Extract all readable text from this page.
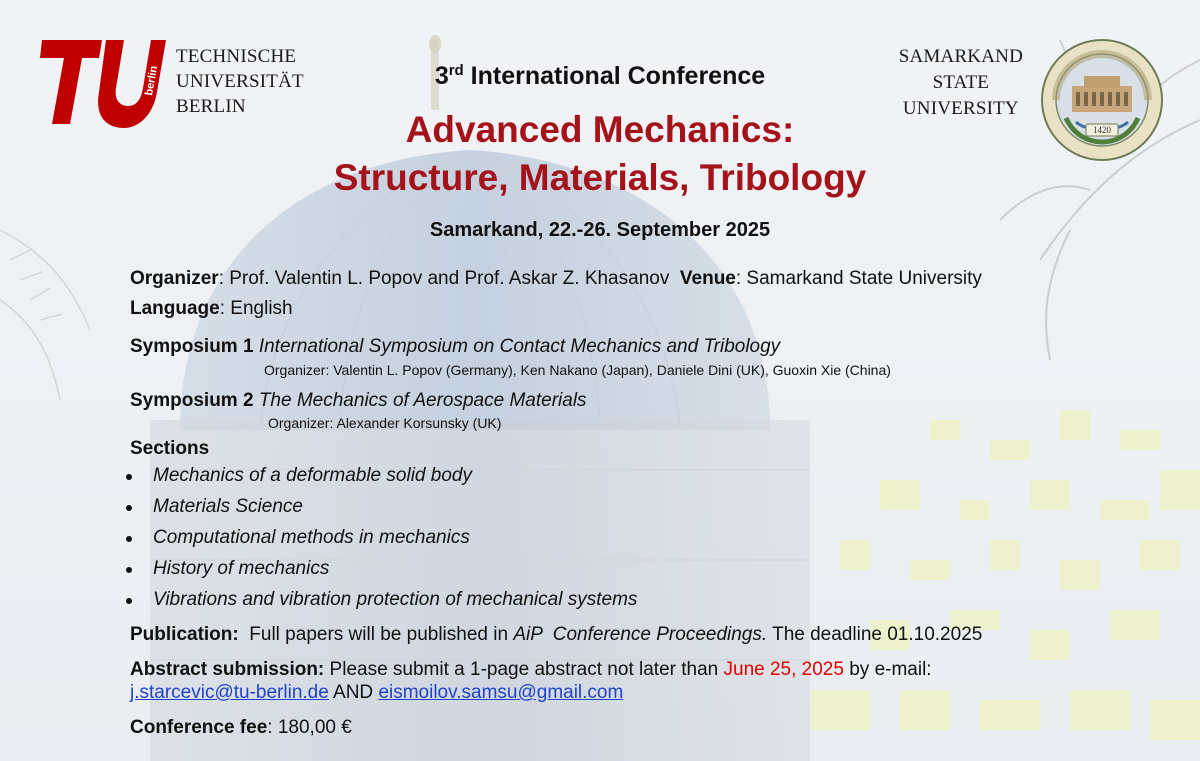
berlin
TECHNISCHE
UNIVERSITÄT
BERLIN
SAMARKAND
STATE
UNIVERSITY
1420
3rd International Conference
Advanced Mechanics:
Structure, Materials, Tribology
Samarkand, 22.-26. September 2025
Organizer: Prof. Valentin L. Popov and Prof. Askar Z. Khasanov Venue: Samarkand State University
Language: English
Symposium 1 International Symposium on Contact Mechanics and Tribology
Organizer: Valentin L. Popov (Germany), Ken Nakano (Japan), Daniele Dini (UK), Guoxin Xie (China)
Symposium 2 The Mechanics of Aerospace Materials
Organizer: Alexander Korsunsky (UK)
Sections
Mechanics of a deformable solid body
Materials Science
Computational methods in mechanics
History of mechanics
Vibrations and vibration protection of mechanical systems
Publication:  Full papers will be published in AiP  Conference Proceedings. The deadline 01.10.2025
Abstract submission: Please submit a 1-page abstract not later than June 25, 2025 by e-mail:
j.starcevic@tu-berlin.de AND eismoilov.samsu@gmail.com
Conference fee: 180,00 €
